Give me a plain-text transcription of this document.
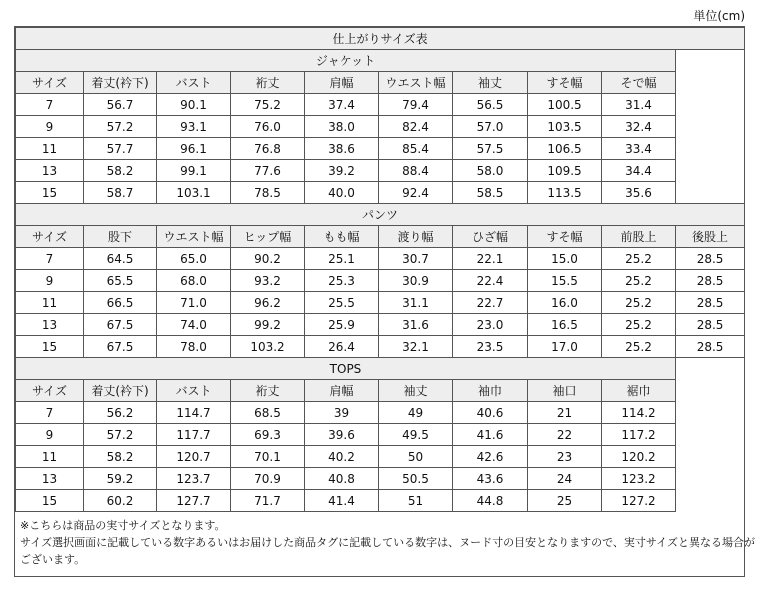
単位(cm)
仕上がりサイズ表									
ジャケット									
サイズ	着丈(衿下)	バスト	裄丈	肩幅	ウエスト幅	袖丈	すそ幅	そで幅	
7	56.7	90.1	75.2	37.4	79.4	56.5	100.5	31.4	
9	57.2	93.1	76.0	38.0	82.4	57.0	103.5	32.4	
11	57.7	96.1	76.8	38.6	85.4	57.5	106.5	33.4	
13	58.2	99.1	77.6	39.2	88.4	58.0	109.5	34.4	
15	58.7	103.1	78.5	40.0	92.4	58.5	113.5	35.6	
パンツ									
サイズ	股下	ウエスト幅	ヒップ幅	もも幅	渡り幅	ひざ幅	すそ幅	前股上	後股上
7	64.5	65.0	90.2	25.1	30.7	22.1	15.0	25.2	28.5
9	65.5	68.0	93.2	25.3	30.9	22.4	15.5	25.2	28.5
11	66.5	71.0	96.2	25.5	31.1	22.7	16.0	25.2	28.5
13	67.5	74.0	99.2	25.9	31.6	23.0	16.5	25.2	28.5
15	67.5	78.0	103.2	26.4	32.1	23.5	17.0	25.2	28.5
TOPS									
サイズ	着丈(衿下)	バスト	裄丈	肩幅	袖丈	袖巾	袖口	裾巾	
7	56.2	114.7	68.5	39	49	40.6	21	114.2	
9	57.2	117.7	69.3	39.6	49.5	41.6	22	117.2	
11	58.2	120.7	70.1	40.2	50	42.6	23	120.2	
13	59.2	123.7	70.9	40.8	50.5	43.6	24	123.2	
15	60.2	127.7	71.7	41.4	51	44.8	25	127.2	
※こちらは商品の実寸サイズとなります。
サイズ選択画面に記載している数字あるいはお届けした商品タグに記載している数字は、ヌード寸の目安となりますので、実寸サイズと異なる場合が
ございます。
